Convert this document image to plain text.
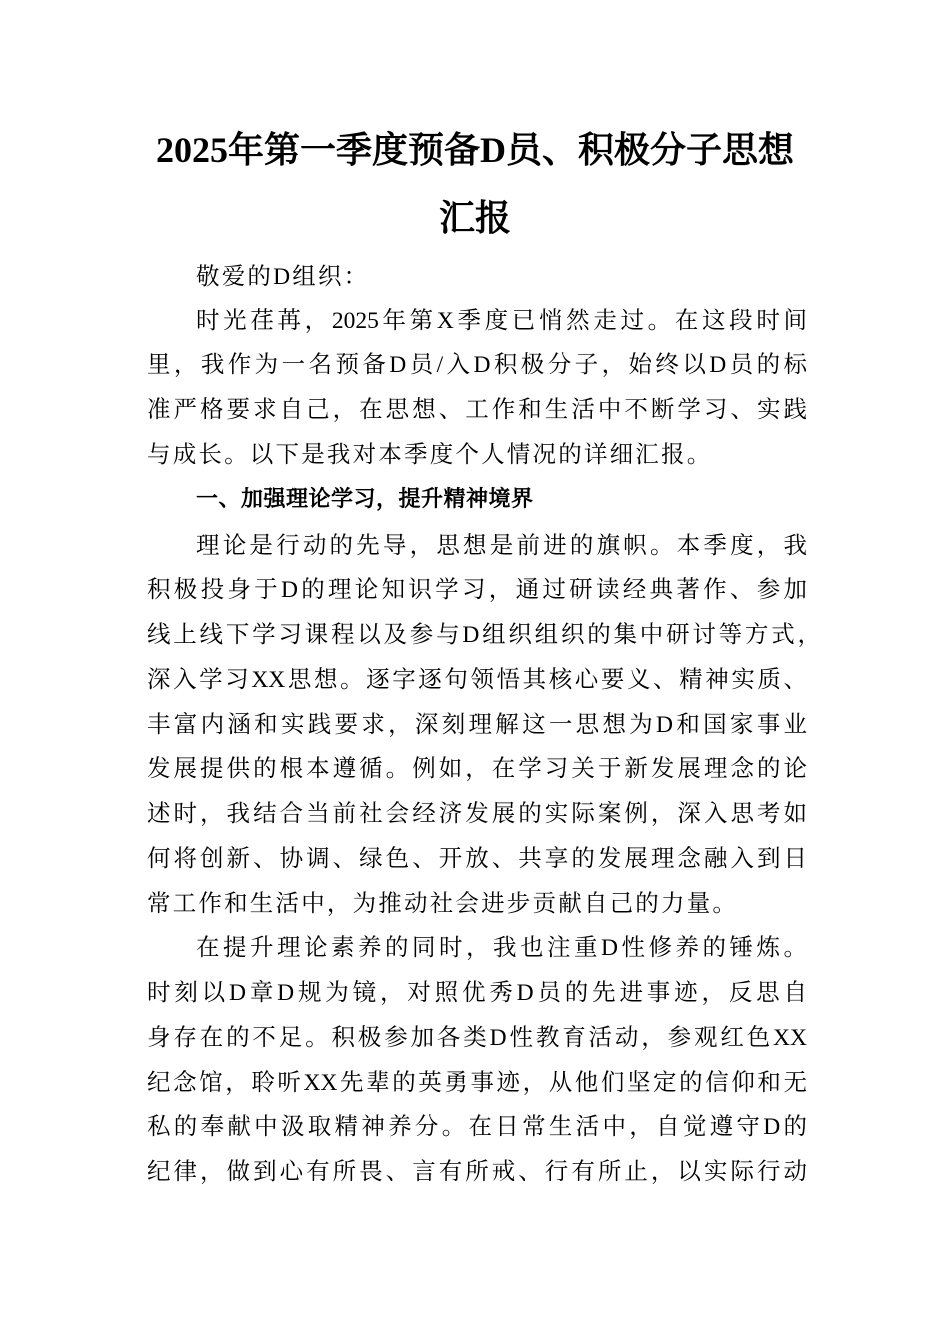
2025年第一季度预备D员、积极分子思想
汇报
敬爱的D组织：
时光荏苒，2025年第X季度已悄然走过。在这段时间
里，我作为一名预备D员/入D积极分子，始终以D员的标
准严格要求自己，在思想、工作和生活中不断学习、实践
与成长。以下是我对本季度个人情况的详细汇报。
一、加强理论学习，提升精神境界
理论是行动的先导，思想是前进的旗帜。本季度，我
积极投身于D的理论知识学习，通过研读经典著作、参加
线上线下学习课程以及参与D组织组织的集中研讨等方式，
深入学习XX思想。逐字逐句领悟其核心要义、精神实质、
丰富内涵和实践要求，深刻理解这一思想为D和国家事业
发展提供的根本遵循。例如，在学习关于新发展理念的论
述时，我结合当前社会经济发展的实际案例，深入思考如
何将创新、协调、绿色、开放、共享的发展理念融入到日
常工作和生活中，为推动社会进步贡献自己的力量。
在提升理论素养的同时，我也注重D性修养的锤炼。
时刻以D章D规为镜，对照优秀D员的先进事迹，反思自
身存在的不足。积极参加各类D性教育活动，参观红色XX
纪念馆，聆听XX先辈的英勇事迹，从他们坚定的信仰和无
私的奉献中汲取精神养分。在日常生活中，自觉遵守D的
纪律，做到心有所畏、言有所戒、行有所止，以实际行动
